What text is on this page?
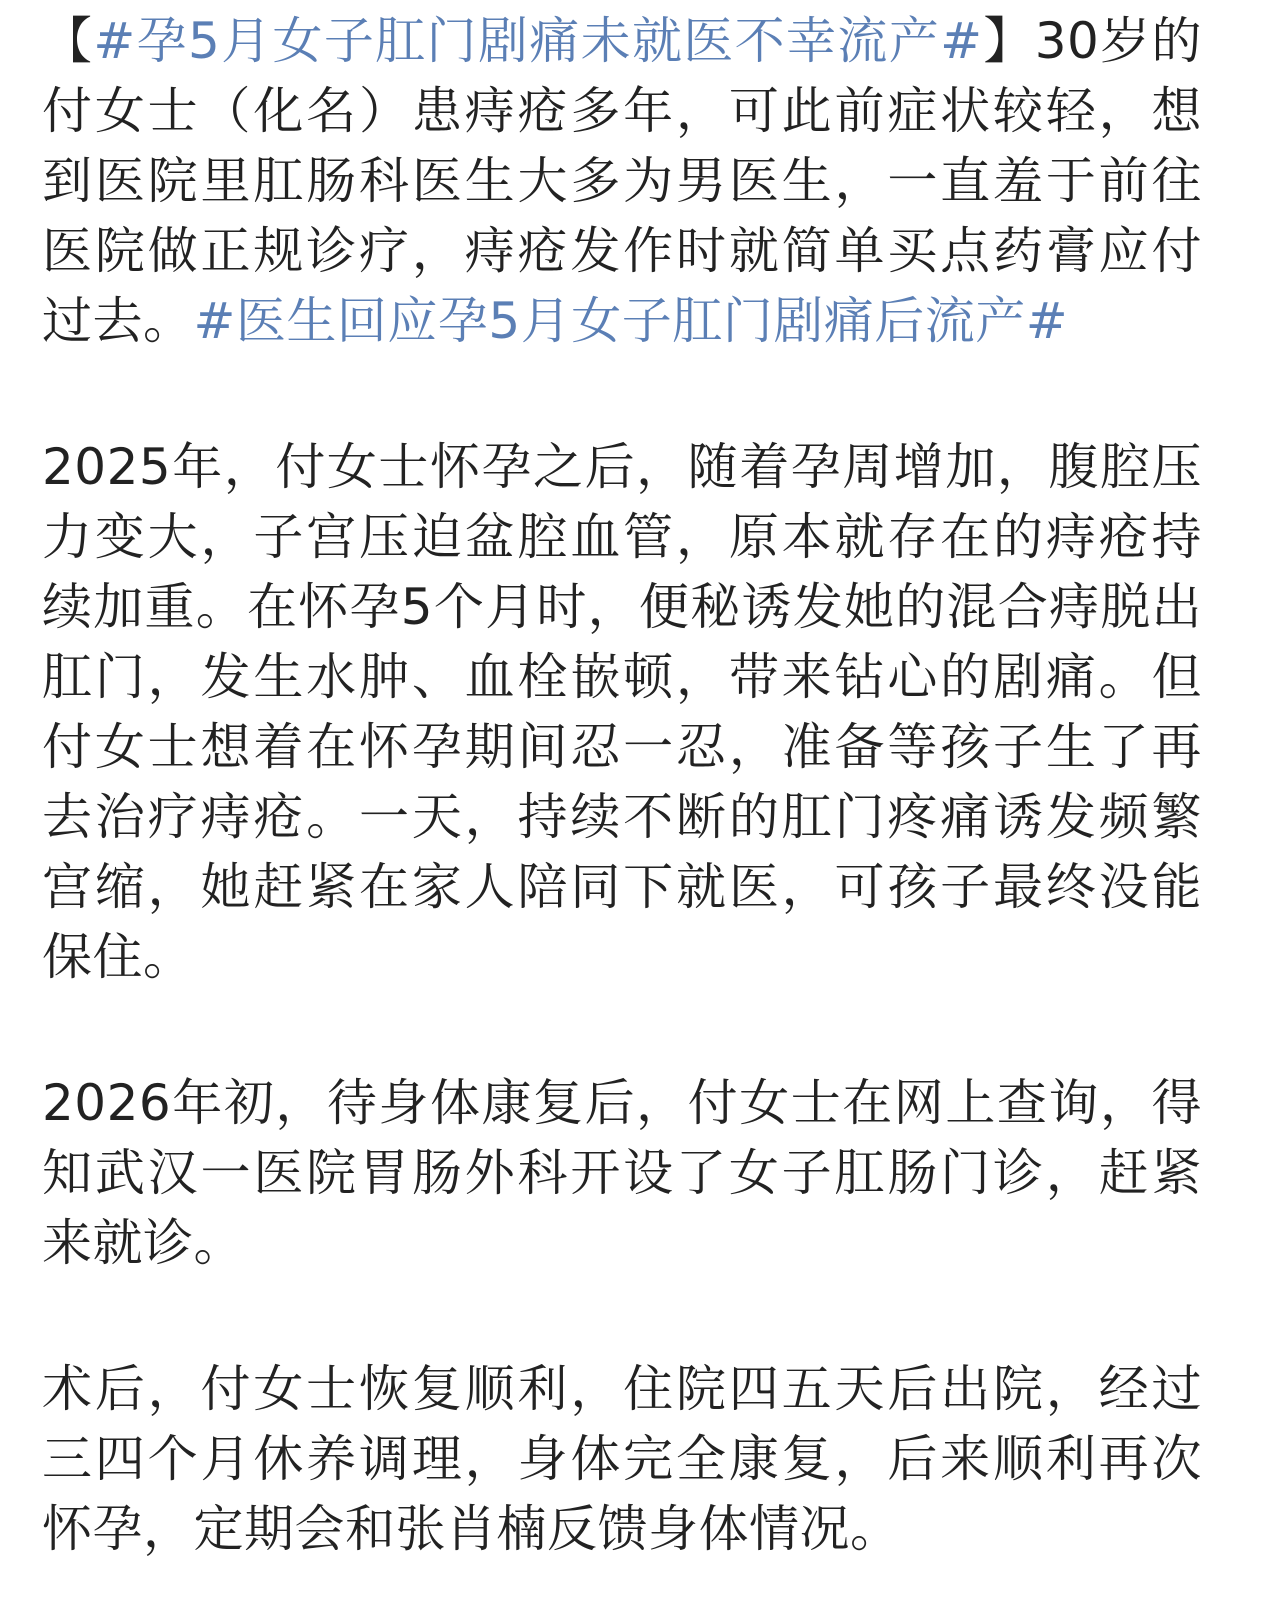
【#孕5月女子肛门剧痛未就医不幸流产#】30岁的付女士（化名）患痔疮多年，可此前症状较轻，想到医院里肛肠科医生大多为男医生，一直羞于前往医院做正规诊疗，痔疮发作时就简单买点药膏应付过去。#医生回应孕5月女子肛门剧痛后流产#

2025年，付女士怀孕之后，随着孕周增加，腹腔压力变大，子宫压迫盆腔血管，原本就存在的痔疮持续加重。在怀孕5个月时，便秘诱发她的混合痔脱出肛门，发生水肿、血栓嵌顿，带来钻心的剧痛。但付女士想着在怀孕期间忍一忍，准备等孩子生了再去治疗痔疮。一天，持续不断的肛门疼痛诱发频繁宫缩，她赶紧在家人陪同下就医，可孩子最终没能保住。

2026年初，待身体康复后，付女士在网上查询，得知武汉一医院胃肠外科开设了女子肛肠门诊，赶紧来就诊。

术后，付女士恢复顺利，住院四五天后出院，经过三四个月休养调理，身体完全康复，后来顺利再次怀孕，定期会和张肖楠反馈身体情况。
